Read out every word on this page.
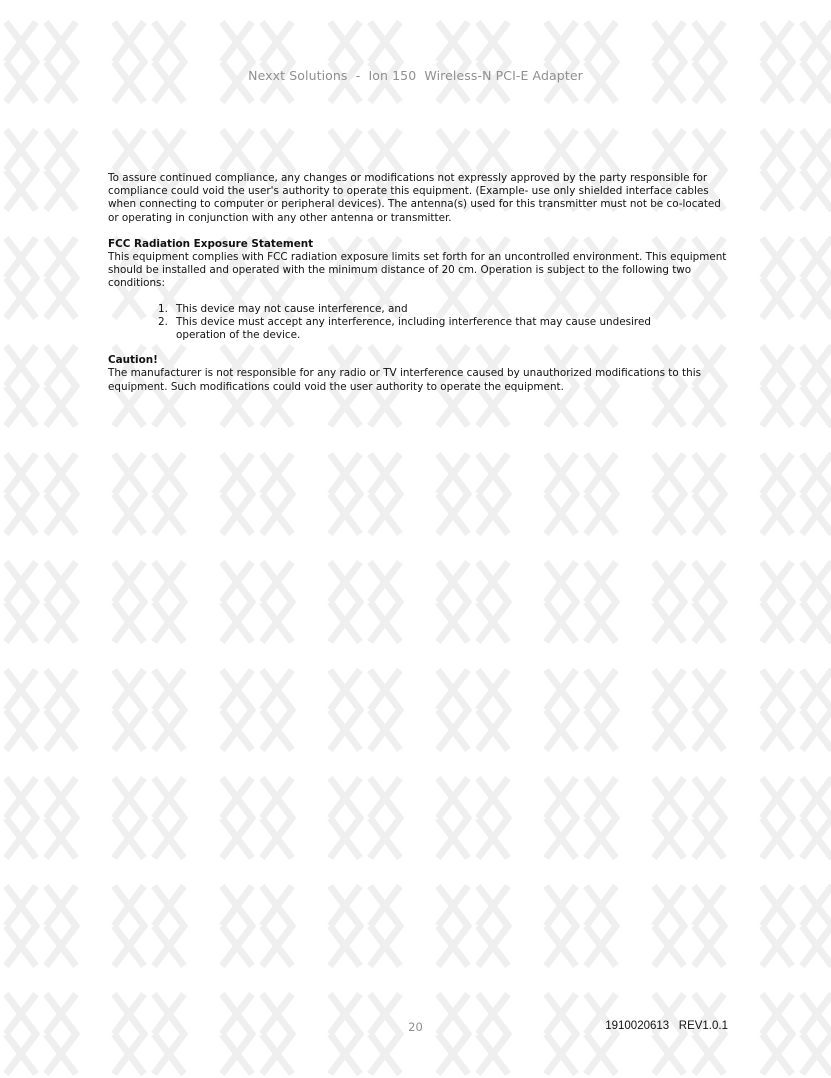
Nexxt Solutions  -  Ion 150  Wireless-N PCI-E Adapter

To assure continued compliance, any changes or modifications not expressly approved by the party responsible for compliance could void the user's authority to operate this equipment. (Example- use only shielded interface cables when connecting to computer or peripheral devices). The antenna(s) used for this transmitter must not be co-located or operating in conjunction with any other antenna or transmitter.

FCC Radiation Exposure Statement

This equipment complies with FCC radiation exposure limits set forth for an uncontrolled environment. This equipment should be installed and operated with the minimum distance of 20 cm. Operation is subject to the following two conditions:

1. This device may not cause interference, and
2. This device must accept any interference, including interference that may cause undesired operation of the device.

Caution!

The manufacturer is not responsible for any radio or TV interference caused by unauthorized modifications to this equipment. Such modifications could void the user authority to operate the equipment.

20	1910020613   REV1.0.1
